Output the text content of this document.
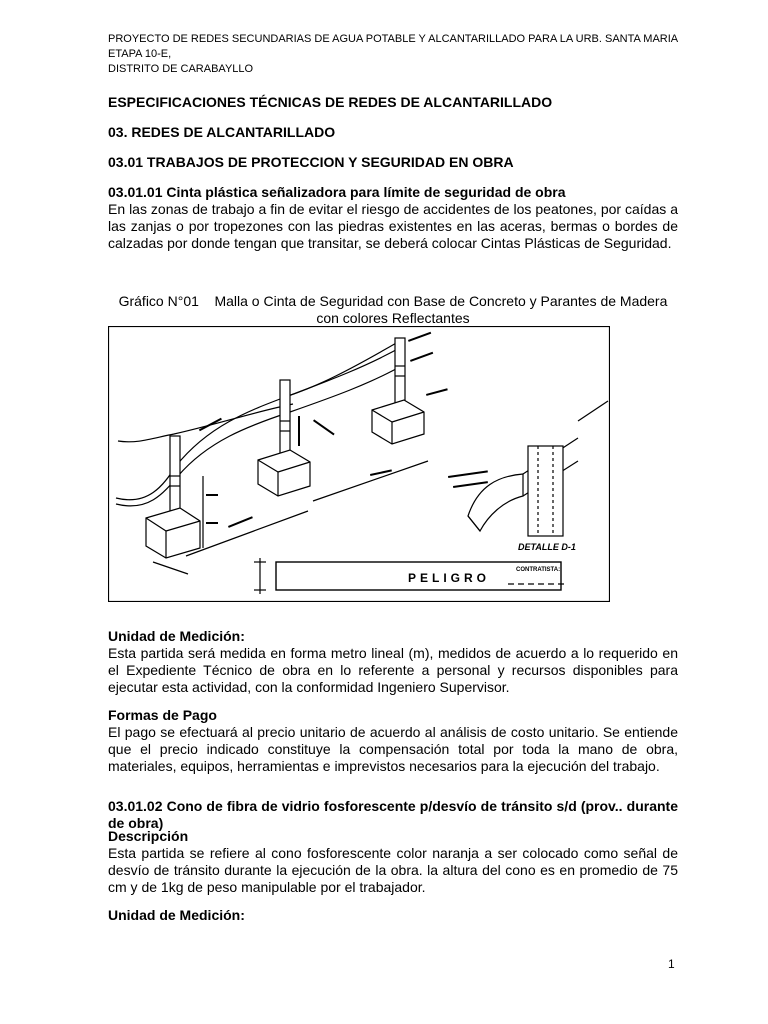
PROYECTO DE REDES SECUNDARIAS DE AGUA POTABLE Y ALCANTARILLADO PARA LA URB. SANTA MARIA ETAPA 10-E,
DISTRITO DE CARABAYLLO
ESPECIFICACIONES TÉCNICAS DE REDES DE ALCANTARILLADO
03. REDES DE ALCANTARILLADO
03.01 TRABAJOS DE PROTECCION Y SEGURIDAD EN OBRA
03.01.01 Cinta plástica señalizadora para límite de seguridad de obra
En las zonas de trabajo a fin de evitar el riesgo de accidentes de los peatones, por caídas a las zanjas o por tropezones con las piedras existentes en las aceras, bermas o bordes de calzadas por donde tengan que transitar, se deberá colocar Cintas Plásticas de Seguridad.
Gráfico N°01    Malla o Cinta de Seguridad con Base de Concreto y Parantes de Madera
con colores Reflectantes
DETALLE D-1
PELIGRO
CONTRATISTA:
Unidad de Medición:
Esta partida será medida en forma metro lineal (m), medidos de acuerdo a lo requerido en el Expediente Técnico de obra en lo referente a personal y recursos disponibles para ejecutar esta actividad, con la conformidad Ingeniero Supervisor.
Formas de Pago
El pago se efectuará al precio unitario de acuerdo al análisis de costo unitario. Se entiende que el precio indicado constituye la compensación total por toda la mano de obra, materiales, equipos, herramientas e imprevistos necesarios para la ejecución del trabajo.
03.01.02 Cono de fibra de vidrio fosforescente p/desvío de tránsito s/d (prov.. durante de obra)
Descripción
Esta partida se refiere al cono fosforescente color naranja a ser colocado como señal de desvío de tránsito durante la ejecución de la obra. la altura del cono es en promedio de 75 cm y de 1kg de peso manipulable por el trabajador.
Unidad de Medición:
1
